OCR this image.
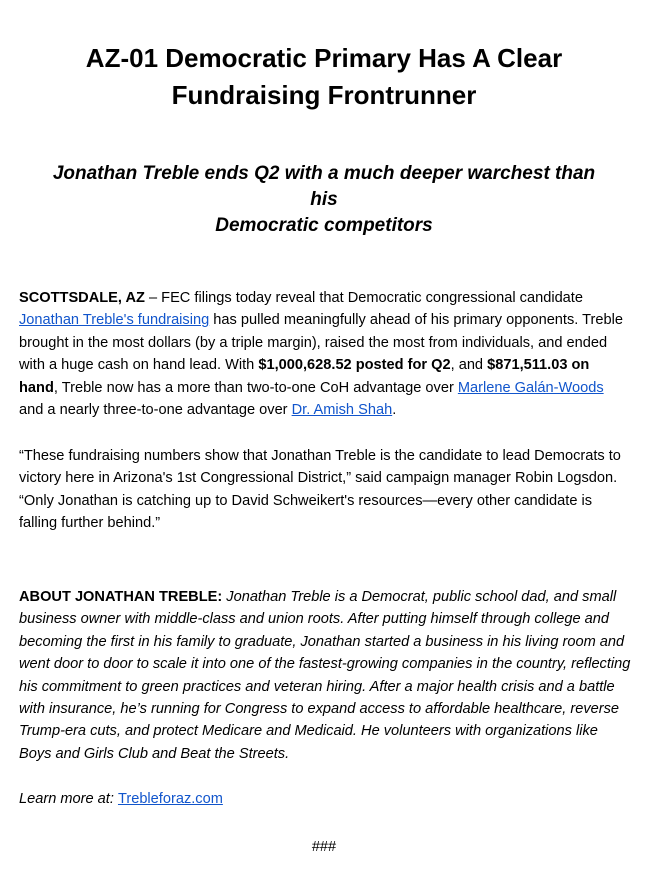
AZ-01 Democratic Primary Has A Clear
Fundraising Frontrunner
Jonathan Treble ends Q2 with a much deeper warchest than his
Democratic competitors

SCOTTSDALE, AZ – FEC filings today reveal that Democratic congressional candidate Jonathan Treble's fundraising has pulled meaningfully ahead of his primary opponents. Treble brought in the most dollars (by a triple margin), raised the most from individuals, and ended with a huge cash on hand lead. With $1,000,628.52 posted for Q2, and $871,511.03 on hand, Treble now has a more than two-to-one CoH advantage over Marlene Galán-Woods and a nearly three-to-one advantage over Dr. Amish Shah.

“These fundraising numbers show that Jonathan Treble is the candidate to lead Democrats to victory here in Arizona's 1st Congressional District,” said campaign manager Robin Logsdon. “Only Jonathan is catching up to David Schweikert's resources—every other candidate is falling further behind.”

ABOUT JONATHAN TREBLE: Jonathan Treble is a Democrat, public school dad, and small business owner with middle-class and union roots. After putting himself through college and becoming the first in his family to graduate, Jonathan started a business in his living room and went door to door to scale it into one of the fastest-growing companies in the country, reflecting his commitment to green practices and veteran hiring. After a major health crisis and a battle with insurance, he’s running for Congress to expand access to affordable healthcare, reverse Trump-era cuts, and protect Medicare and Medicaid. He volunteers with organizations like Boys and Girls Club and Beat the Streets.

Learn more at: Trebleforaz.com

###
